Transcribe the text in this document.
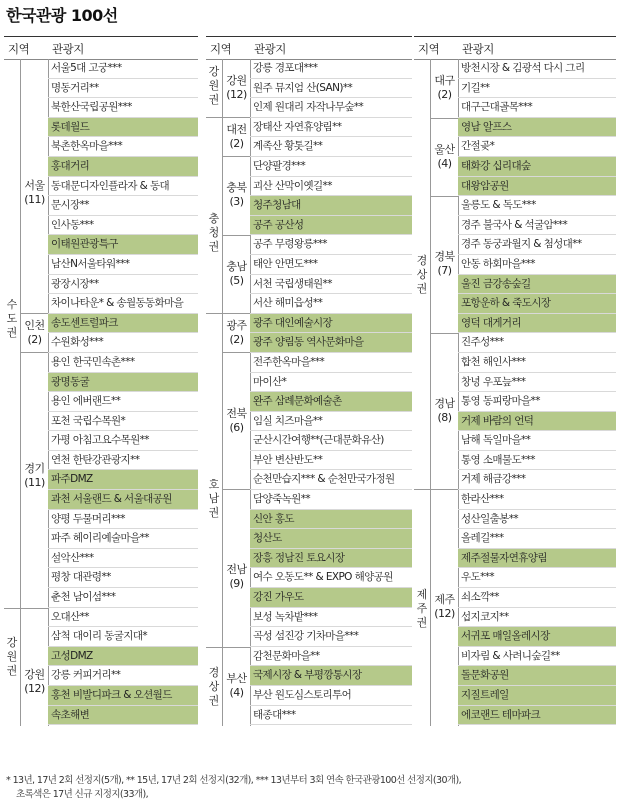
한국관광 100선
지역 관광지
수
도
권
강
원
권
서울
(11)
인천
(2)
경기
(11)
강원
(12)
서울5대 고궁***
명동거리**
북한산국립공원***
롯데월드
북촌한옥마을***
홍대거리
동대문디자인플라자 & 동대
문시장**
인사동***
이태원관광특구
남산N서울타워***
광장시장**
차이나타운* & 송월동동화마을
송도센트럴파크
수원화성***
용인 한국민속촌***
광명동굴
용인 에버랜드**
포천 국립수목원*
가평 아침고요수목원**
연천 한탄강관광지**
파주DMZ
과천 서울랜드 & 서울대공원
양평 두물머리***
파주 헤이리예술마을**
설악산***
평창 대관령**
춘천 남이섬***
오대산**
삼척 대이리 동굴지대*
고성DMZ
강릉 커피거리**
홍천 비발디파크 & 오션월드
속초해변
지역 관광지
강
원
권
충
청
권
호
남
권
경
상
권
강원
(12)
대전
(2)
충북
(3)
충남
(5)
광주
(2)
전북
(6)
전남
(9)
부산
(4)
강릉 경포대***
원주 뮤지엄 산(SAN)**
인제 원대리 자작나무숲**
장태산 자연휴양림**
계족산 황톳길**
단양팔경***
괴산 산막이옛길**
청주청남대
공주 공산성
공주 무령왕릉***
태안 안면도***
서천 국립생태원**
서산 해미읍성**
광주 대인예술시장
광주 양림동 역사문화마을
전주한옥마을***
마이산*
완주 삼례문화예술촌
임실 치즈마을**
군산시간여행**(근대문화유산)
부안 변산반도**
순천만습지*** & 순천만국가정원
담양죽녹원**
신안 홍도
청산도
장흥 정남진 토요시장
여수 오동도** & EXPO 해양공원
강진 가우도
보성 녹차밭***
곡성 섬진강 기차마을***
감천문화마을**
국제시장 & 부평깡통시장
부산 원도심스토리투어
태종대***
지역 관광지
경
상
권
제
주
권
대구
(2)
울산
(4)
경북
(7)
경남
(8)
제주
(12)
방천시장 & 김광석 다시 그리
기길**
대구근대골목***
영남 알프스
간절곶*
태화강 십리대숲
대왕암공원
울릉도 & 독도***
경주 불국사 & 석굴암***
경주 동궁과월지 & 첨성대**
안동 하회마을***
울진 금강송숲길
포항운하 & 죽도시장
영덕 대게거리
진주성***
합천 해인사***
창녕 우포늪***
통영 동피랑마을**
거제 바람의 언덕
남해 독일마을**
통영 소매물도***
거제 해금강***
한라산***
성산일출봉**
올레길***
제주절물자연휴양림
우도***
쇠소깍**
섭지코지**
서귀포 매일올레시장
비자림 & 사려니숲길**
돌문화공원
지질트레일
에코랜드 테마파크
* 13년, 17년 2회 선정지(5개), ** 15년, 17년 2회 선정지(32개), *** 13년부터 3회 연속 한국관광100선 선정지(30개),
초록색은 17년 신규 지정지(33개),
